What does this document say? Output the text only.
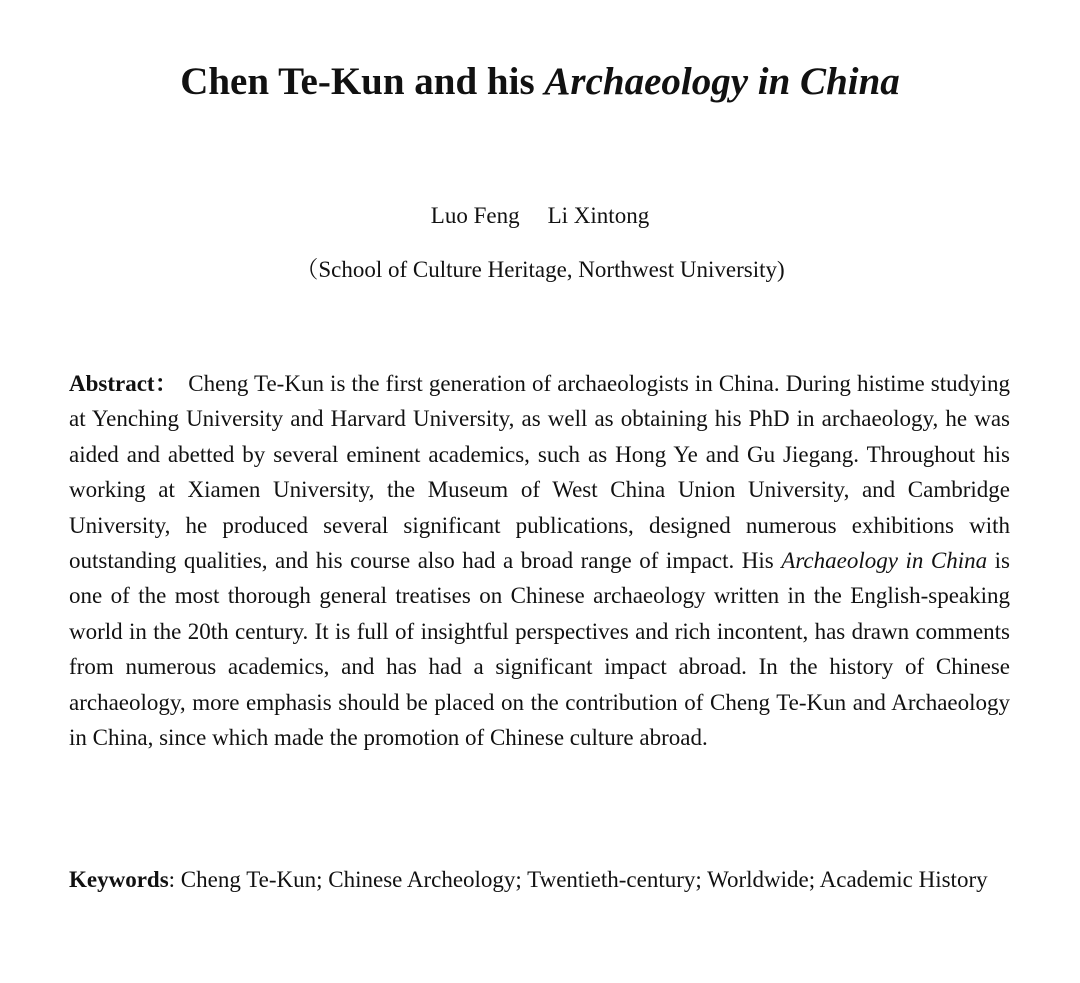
Chen Te-Kun and his Archaeology in China
Luo Feng Li Xintong
（School of Culture Heritage, Northwest University)

Abstract： Cheng Te-Kun is the first generation of archaeologists in China. During histime studying at Yenching University and Harvard University, as well as obtaining his PhD in archaeology, he was aided and abetted by several eminent academics, such as Hong Ye and Gu Jiegang. Throughout his working at Xiamen University, the Museum of West China Union University, and Cambridge University, he produced several significant publications, designed numerous exhibitions with outstanding qualities, and his course also had a broad range of impact. His Archaeology in China is one of the most thorough general treatises on Chinese archaeology written in the English-speaking world in the 20th century. It is full of insightful perspectives and rich incontent, has drawn comments from numerous academics, and has had a significant impact abroad. In the history of Chinese archaeology, more emphasis should be placed on the contribution of Cheng Te-Kun and Archaeology in China, since which made the promotion of Chinese culture abroad.

Keywords: Cheng Te-Kun; Chinese Archeology; Twentieth-century; Worldwide; Academic History
